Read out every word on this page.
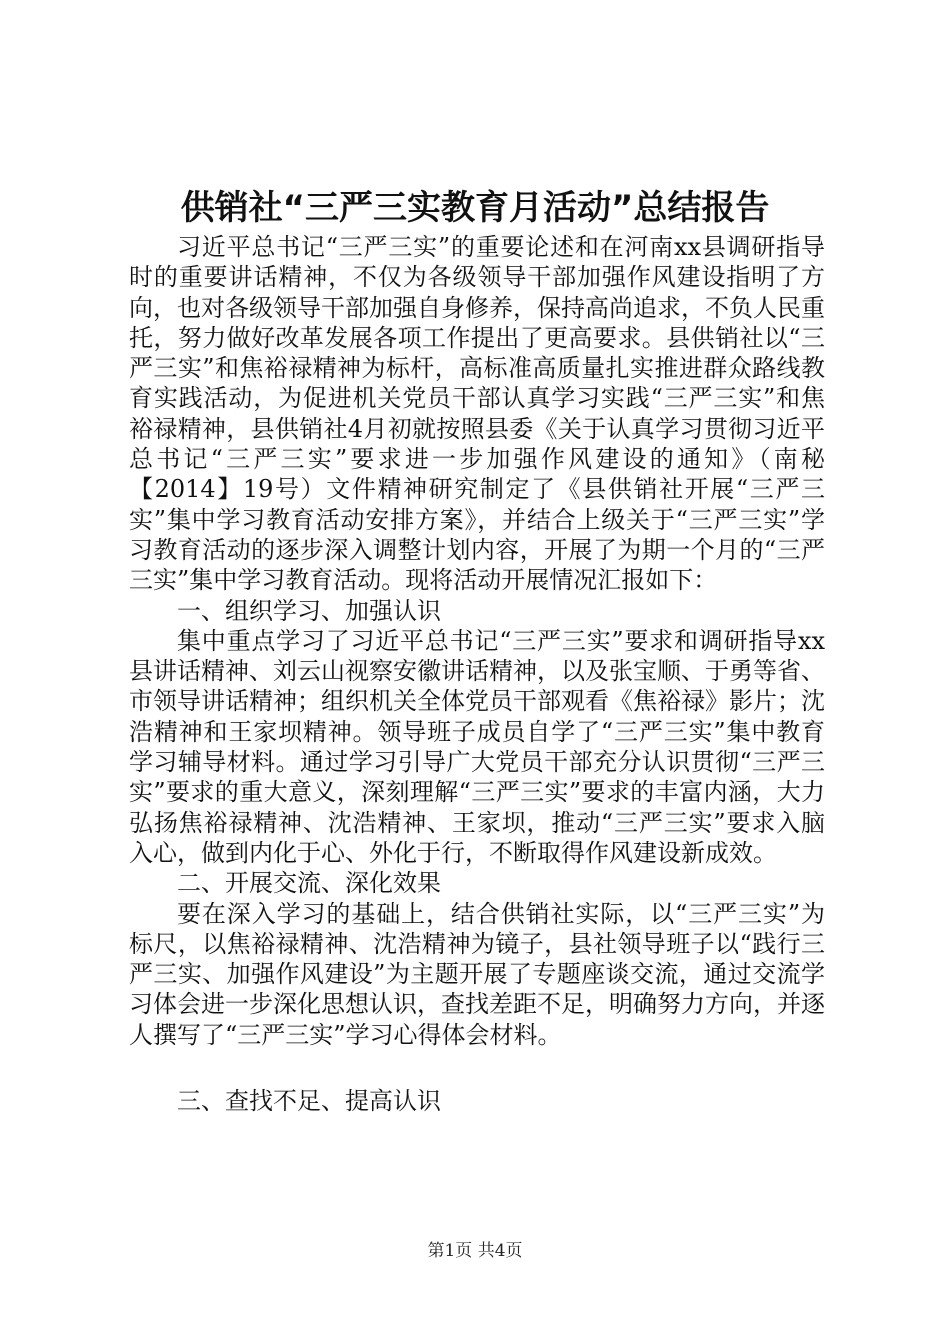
供销社“三严三实教育月活动”总结报告

习近平总书记“三严三实”的重要论述和在河南xx县调研指导时的重要讲话精神，不仅为各级领导干部加强作风建设指明了方向，也对各级领导干部加强自身修养，保持高尚追求，不负人民重托，努力做好改革发展各项工作提出了更高要求。县供销社以“三严三实”和焦裕禄精神为标杆，高标准高质量扎实推进群众路线教育实践活动，为促进机关党员干部认真学习实践“三严三实”和焦裕禄精神，县供销社4月初就按照县委《关于认真学习贯彻习近平总书记“三严三实”要求进一步加强作风建设的通知》（南秘【2014】19号）文件精神研究制定了《县供销社开展“三严三实”集中学习教育活动安排方案》，并结合上级关于“三严三实”学习教育活动的逐步深入调整计划内容，开展了为期一个月的“三严三实”集中学习教育活动。现将活动开展情况汇报如下：

一、组织学习、加强认识

集中重点学习了习近平总书记“三严三实”要求和调研指导xx县讲话精神、刘云山视察安徽讲话精神，以及张宝顺、于勇等省、市领导讲话精神；组织机关全体党员干部观看《焦裕禄》影片；沈浩精神和王家坝精神。领导班子成员自学了“三严三实”集中教育学习辅导材料。通过学习引导广大党员干部充分认识贯彻“三严三实”要求的重大意义，深刻理解“三严三实”要求的丰富内涵，大力弘扬焦裕禄精神、沈浩精神、王家坝，推动“三严三实”要求入脑入心，做到内化于心、外化于行，不断取得作风建设新成效。

二、开展交流、深化效果

要在深入学习的基础上，结合供销社实际，以“三严三实”为标尺，以焦裕禄精神、沈浩精神为镜子，县社领导班子以“践行三严三实、加强作风建设”为主题开展了专题座谈交流，通过交流学习体会进一步深化思想认识，查找差距不足，明确努力方向，并逐人撰写了“三严三实”学习心得体会材料。

三、查找不足、提高认识

第1页 共4页
